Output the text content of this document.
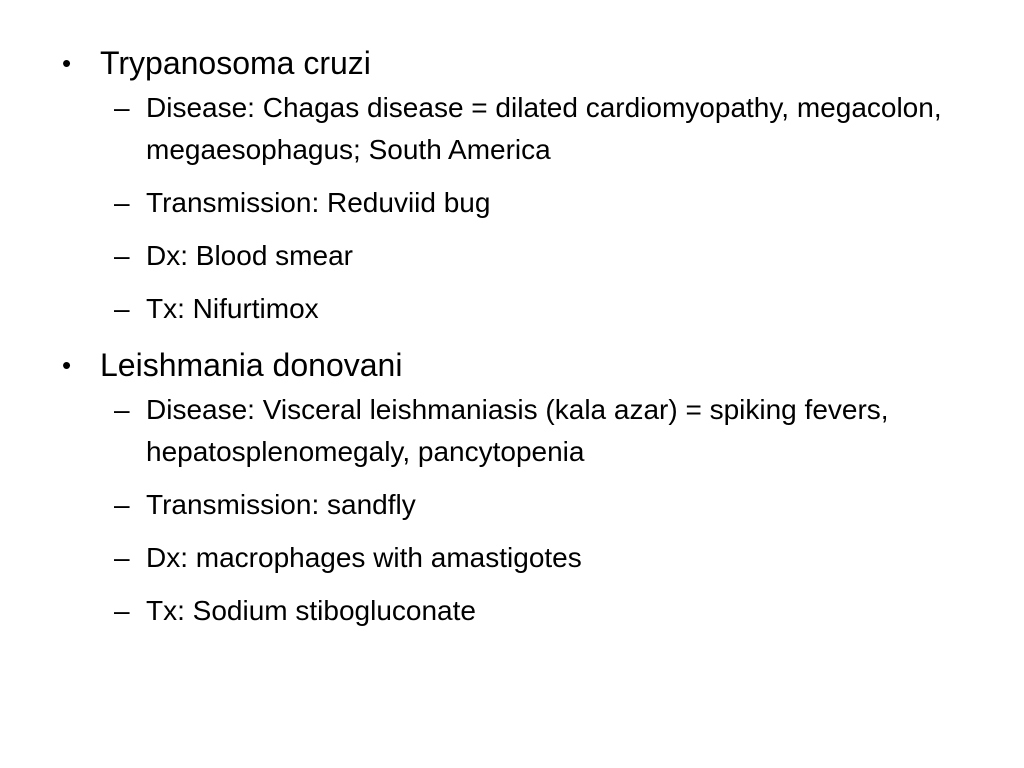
• Trypanosoma cruzi
– Disease: Chagas disease = dilated cardiomyopathy, megacolon, megaesophagus; South America
– Transmission: Reduviid bug
– Dx: Blood smear
– Tx: Nifurtimox
• Leishmania donovani
– Disease: Visceral leishmaniasis (kala azar) = spiking fevers, hepatosplenomegaly, pancytopenia
– Transmission: sandfly
– Dx: macrophages with amastigotes
– Tx: Sodium stibogluconate
